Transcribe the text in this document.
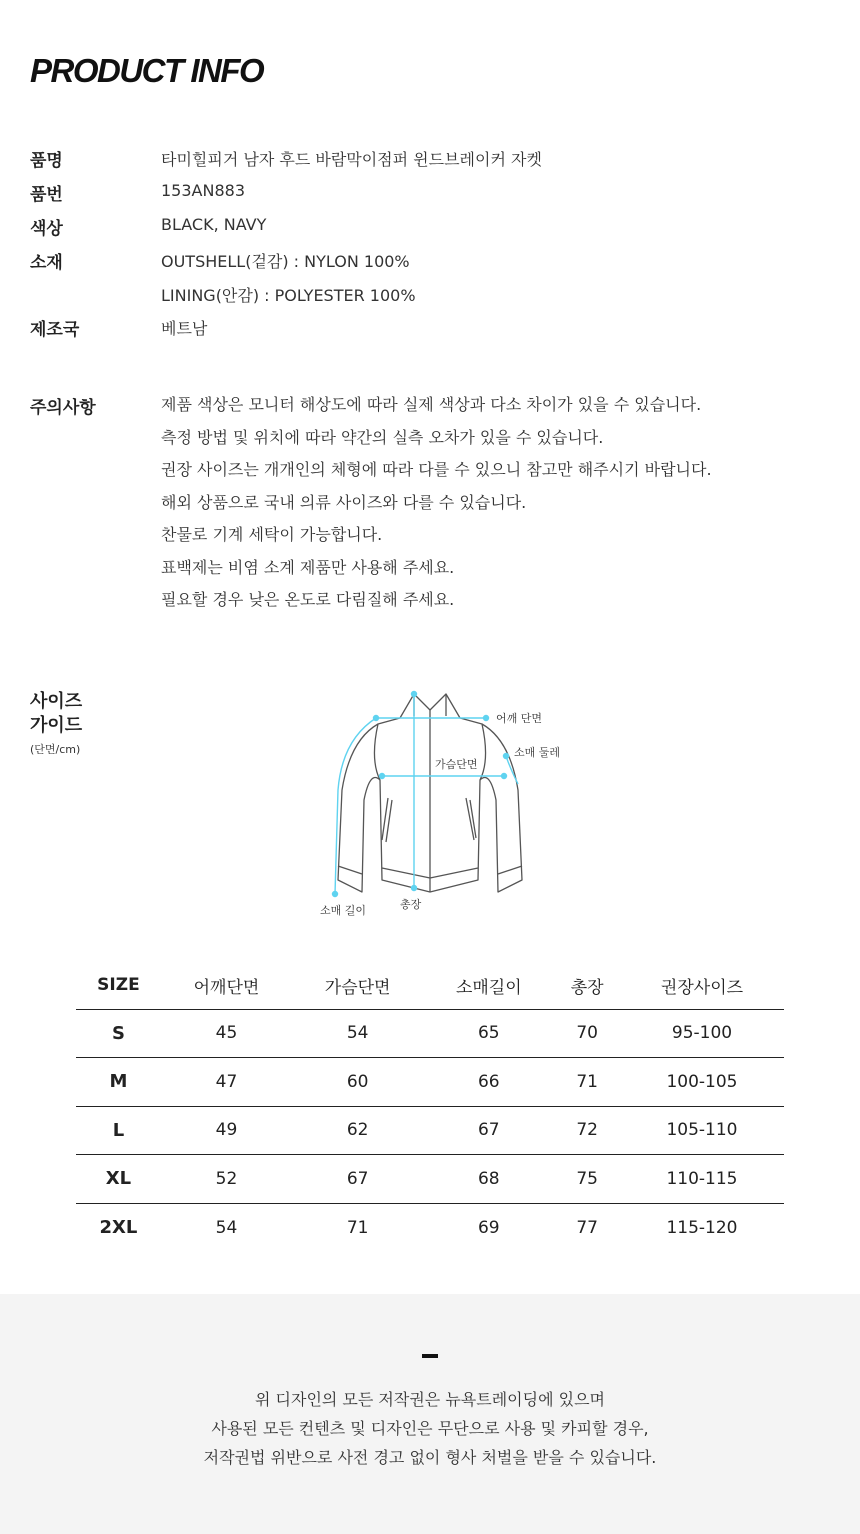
PRODUCT INFO
품명	타미힐피거 남자 후드 바람막이점퍼 윈드브레이커 자켓
품번	153AN883
색상	BLACK, NAVY
소재	OUTSHELL(겉감) : NYLON 100%
LINING(안감) : POLYESTER 100%
제조국	베트남
주의사항	제품 색상은 모니터 해상도에 따라 실제 색상과 다소 차이가 있을 수 있습니다.
측정 방법 및 위치에 따라 약간의 실측 오차가 있을 수 있습니다.
권장 사이즈는 개개인의 체형에 따라 다를 수 있으니 참고만 해주시기 바랍니다.
해외 상품으로 국내 의류 사이즈와 다를 수 있습니다.
찬물로 기계 세탁이 가능합니다.
표백제는 비염 소계 제품만 사용해 주세요.
필요할 경우 낮은 온도로 다림질해 주세요.
사이즈
가이드
(단면/cm)
어깨 단면
소매 둘레
가슴단면
소매 길이	총장
SIZE	어깨단면	가슴단면	소매길이	총장	권장사이즈
S	45	54	65	70	95-100
M	47	60	66	71	100-105
L	49	62	67	72	105-110
XL	52	67	68	75	110-115
2XL	54	71	69	77	115-120
위 디자인의 모든 저작권은 뉴욕트레이딩에 있으며
사용된 모든 컨텐츠 및 디자인은 무단으로 사용 및 카피할 경우,
저작권법 위반으로 사전 경고 없이 형사 처벌을 받을 수 있습니다.
